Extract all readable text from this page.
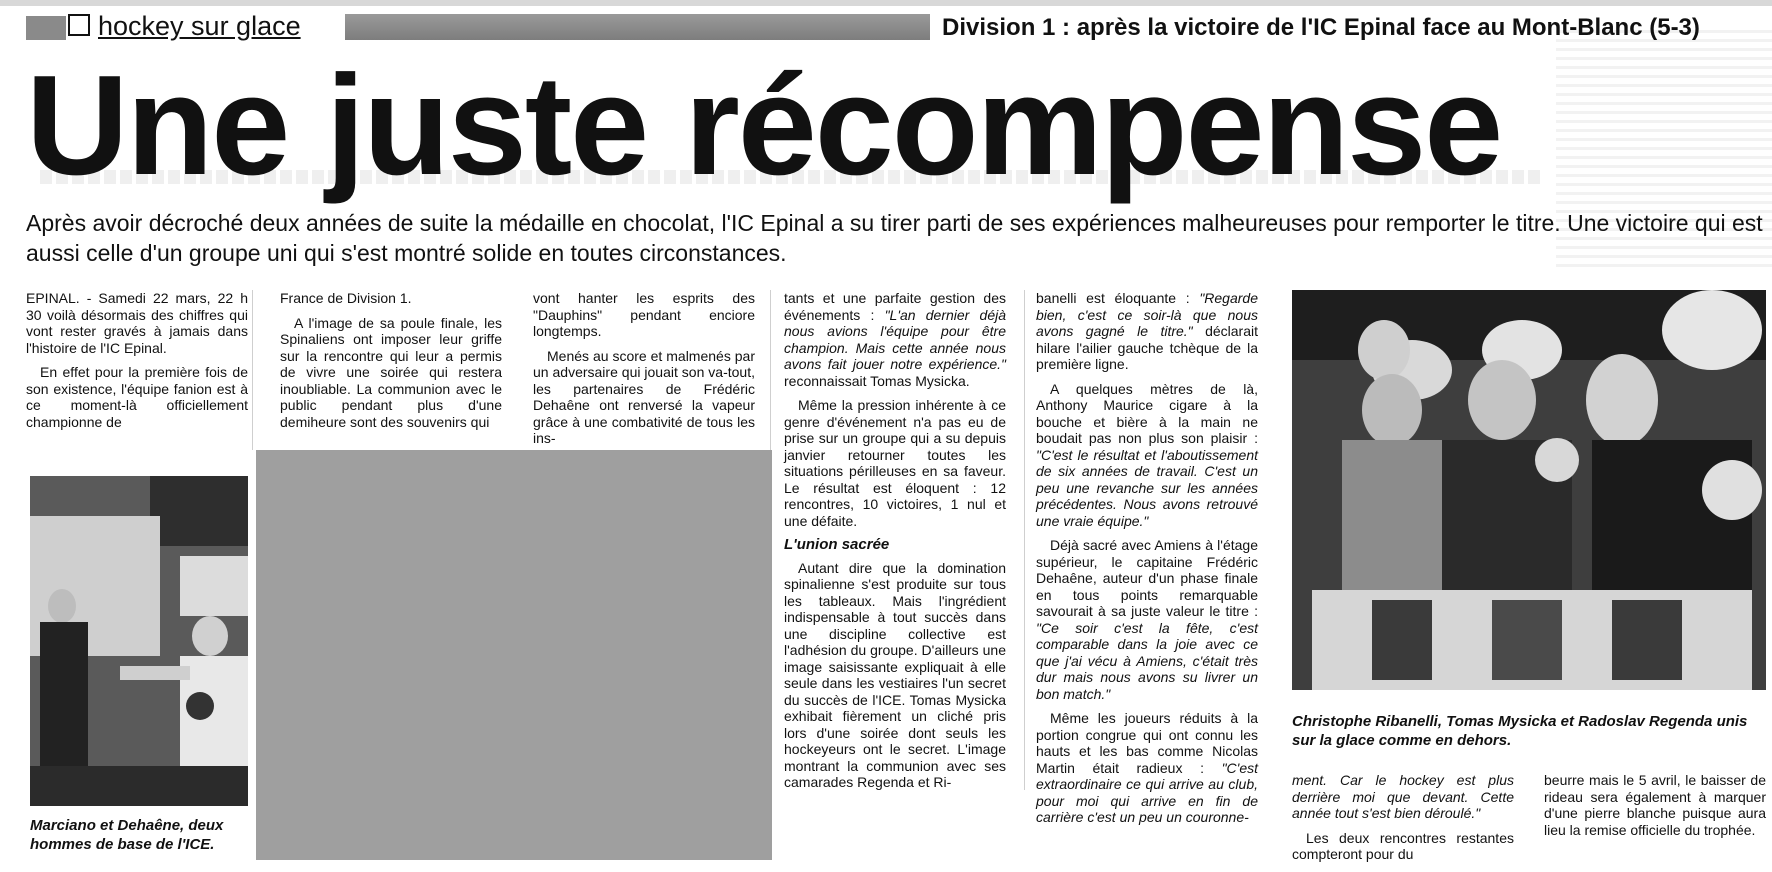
hockey sur glace	Division 1 : après la victoire de l'IC Epinal face au Mont-Blanc (5-3)
Une juste récompense
Après avoir décroché deux années de suite la médaille en chocolat, l'IC Epinal a su tirer parti de ses expériences malheureuses pour remporter le titre. Une victoire qui est aussi celle d'un groupe uni qui s'est montré solide en toutes circonstances.

EPINAL. - Samedi 22 mars, 22 h 30 voilà désormais des chiffres qui vont rester gravés à jamais dans l'histoire de l'IC Epinal.

En effet pour la première fois de son existence, l'équipe fanion est à ce moment-là officiellement championne de

France de Division 1.

A l'image de sa poule finale, les Spinaliens ont imposer leur griffe sur la rencontre qui leur a permis de vivre une soirée qui restera inoubliable. La communion avec le public pendant plus d'une demiheure sont des souvenirs qui

vont hanter les esprits des "Dauphins" pendant enciore longtemps.

Menés au score et malmenés par un adversaire qui jouait son va-tout, les partenaires de Frédéric Dehaêne ont renversé la vapeur grâce à une combativité de tous les ins-

Marciano et Dehaêne, deux hommes de base de l'ICE.

tants et une parfaite gestion des événements : "L'an dernier déjà nous avions l'équipe pour être champion. Mais cette année nous avons fait jouer notre expérience." reconnaissait Tomas Mysicka.

Même la pression inhérente à ce genre d'événement n'a pas eu de prise sur un groupe qui a su depuis janvier retourner toutes les situations périlleuses en sa faveur. Le résultat est éloquent : 12 rencontres, 10 victoires, 1 nul et une défaite.

L'union sacrée

Autant dire que la domination spinalienne s'est produite sur tous les tableaux. Mais l'ingrédient indispensable à tout succès dans une discipline collective est l'adhésion du groupe. D'ailleurs une image saisissante expliquait à elle seule dans les vestiaires l'un secret du succès de l'ICE. Tomas Mysicka exhibait fièrement un cliché pris lors d'une soirée dont seuls les hockeyeurs ont le secret. L'image montrant la communion avec ses camarades Regenda et Ri-

banelli est éloquante : "Regarde bien, c'est ce soir-là que nous avons gagné le titre." déclarait hilare l'ailier gauche tchèque de la première ligne.

A quelques mètres de là, Anthony Maurice cigare à la bouche et bière à la main ne boudait pas non plus son plaisir : "C'est le résultat et l'aboutissement de six années de travail. C'est un peu une revanche sur les années précédentes. Nous avons retrouvé une vraie équipe."

Déjà sacré avec Amiens à l'étage supérieur, le capitaine Frédéric Dehaêne, auteur d'un phase finale en tous points remarquable savourait à sa juste valeur le titre : "Ce soir c'est la fête, c'est comparable dans la joie avec ce que j'ai vécu à Amiens, c'était très dur mais nous avons su livrer un bon match."

Même les joueurs réduits à la portion congrue qui ont connu les hauts et les bas comme Nicolas Martin était radieux : "C'est extraordinaire ce qui arrive au club, pour moi qui arrive en fin de carrière c'est un peu un couronne-

Christophe Ribanelli, Tomas Mysicka et Radoslav Regenda unis sur la glace comme en dehors.

ment. Car le hockey est plus derrière moi que devant. Cette année tout s'est bien déroulé."

Les deux rencontres restantes compteront pour du

beurre mais le 5 avril, le baisser de rideau sera également à marquer d'une pierre blanche puisque aura lieu la remise officielle du trophée.
